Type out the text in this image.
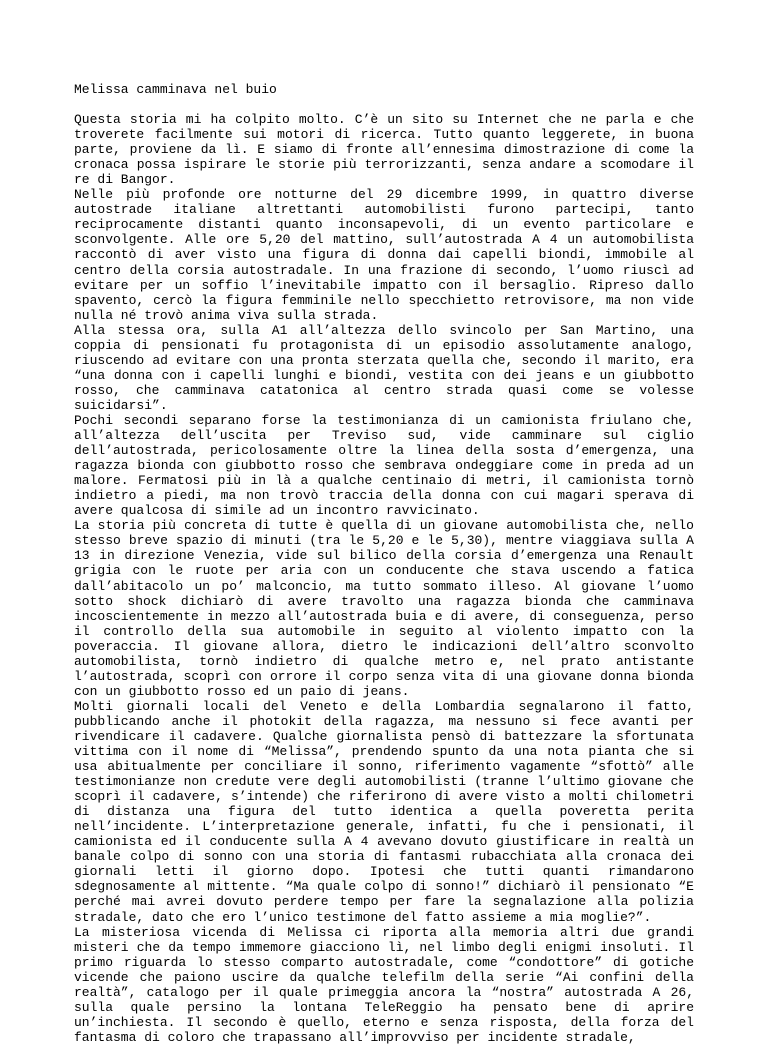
Melissa camminava nel buio

Questa storia mi ha colpito molto. C’è un sito su Internet che ne parla e che troverete facilmente sui motori di ricerca. Tutto quanto leggerete, in buona parte, proviene da lì. E siamo di fronte all’ennesima dimostrazione di come la cronaca possa ispirare le storie più terrorizzanti, senza andare a scomodare il re di Bangor.

Nelle più profonde ore notturne del 29 dicembre 1999, in quattro diverse autostrade italiane altrettanti automobilisti furono partecipi, tanto reciprocamente distanti quanto inconsapevoli, di un evento particolare e sconvolgente. Alle ore 5,20 del mattino, sull’autostrada A 4 un automobilista raccontò di aver visto una figura di donna dai capelli biondi, immobile al centro della corsia autostradale. In una frazione di secondo, l’uomo riuscì ad evitare per un soffio l’inevitabile impatto con il bersaglio. Ripreso dallo spavento, cercò la figura femminile nello specchietto retrovisore, ma non vide nulla né trovò anima viva sulla strada.

Alla stessa ora, sulla A1 all’altezza dello svincolo per San Martino, una coppia di pensionati fu protagonista di un episodio assolutamente analogo, riuscendo ad evitare con una pronta sterzata quella che, secondo il marito, era “una donna con i capelli lunghi e biondi, vestita con dei jeans e un giubbotto rosso, che camminava catatonica al centro strada quasi come se volesse suicidarsi”.

Pochi secondi separano forse la testimonianza di un camionista friulano che, all’altezza dell’uscita per Treviso sud, vide camminare sul ciglio dell’autostrada, pericolosamente oltre la linea della sosta d’emergenza, una ragazza bionda con giubbotto rosso che sembrava ondeggiare come in preda ad un malore. Fermatosi più in là a qualche centinaio di metri, il camionista tornò indietro a piedi, ma non trovò traccia della donna con cui magari sperava di avere qualcosa di simile ad un incontro ravvicinato.

La storia più concreta di tutte è quella di un giovane automobilista che, nello stesso breve spazio di minuti (tra le 5,20 e le 5,30), mentre viaggiava sulla A 13 in direzione Venezia, vide sul bilico della corsia d’emergenza una Renault grigia con le ruote per aria con un conducente che stava uscendo a fatica dall’abitacolo un po’ malconcio, ma tutto sommato illeso. Al giovane l’uomo sotto shock dichiarò di avere travolto una ragazza bionda che camminava incoscientemente in mezzo all’autostrada buia e di avere, di conseguenza, perso il controllo della sua automobile in seguito al violento impatto con la poveraccia. Il giovane allora, dietro le indicazioni dell’altro sconvolto automobilista, tornò indietro di qualche metro e, nel prato antistante l’autostrada, scoprì con orrore il corpo senza vita di una giovane donna bionda con un giubbotto rosso ed un paio di jeans.

Molti giornali locali del Veneto e della Lombardia segnalarono il fatto, pubblicando anche il photokit della ragazza, ma nessuno si fece avanti per rivendicare il cadavere. Qualche giornalista pensò di battezzare la sfortunata vittima con il nome di “Melissa”, prendendo spunto da una nota pianta che si usa abitualmente per conciliare il sonno, riferimento vagamente “sfottò” alle testimonianze non credute vere degli automobilisti (tranne l’ultimo giovane che scoprì il cadavere, s’intende) che riferirono di avere visto a molti chilometri di distanza una figura del tutto identica a quella poveretta perita nell’incidente. L’interpretazione generale, infatti, fu che i pensionati, il camionista ed il conducente sulla A 4 avevano dovuto giustificare in realtà un banale colpo di sonno con una storia di fantasmi rubacchiata alla cronaca dei giornali letti il giorno dopo. Ipotesi che tutti quanti rimandarono sdegnosamente al mittente. “Ma quale colpo di sonno!” dichiarò il pensionato “E perché mai avrei dovuto perdere tempo per fare la segnalazione alla polizia stradale, dato che ero l’unico testimone del fatto assieme a mia moglie?”.

La misteriosa vicenda di Melissa ci riporta alla memoria altri due grandi misteri che da tempo immemore giacciono lì, nel limbo degli enigmi insoluti. Il primo riguarda lo stesso comparto autostradale, come “condottore” di gotiche vicende che paiono uscire da qualche telefilm della serie “Ai confini della realtà”, catalogo per il quale primeggia ancora la “nostra” autostrada A 26, sulla quale persino la lontana TeleReggio ha pensato bene di aprire un’inchiesta. Il secondo è quello, eterno e senza risposta, della forza del fantasma di coloro che trapassano all’improvviso per incidente stradale,
